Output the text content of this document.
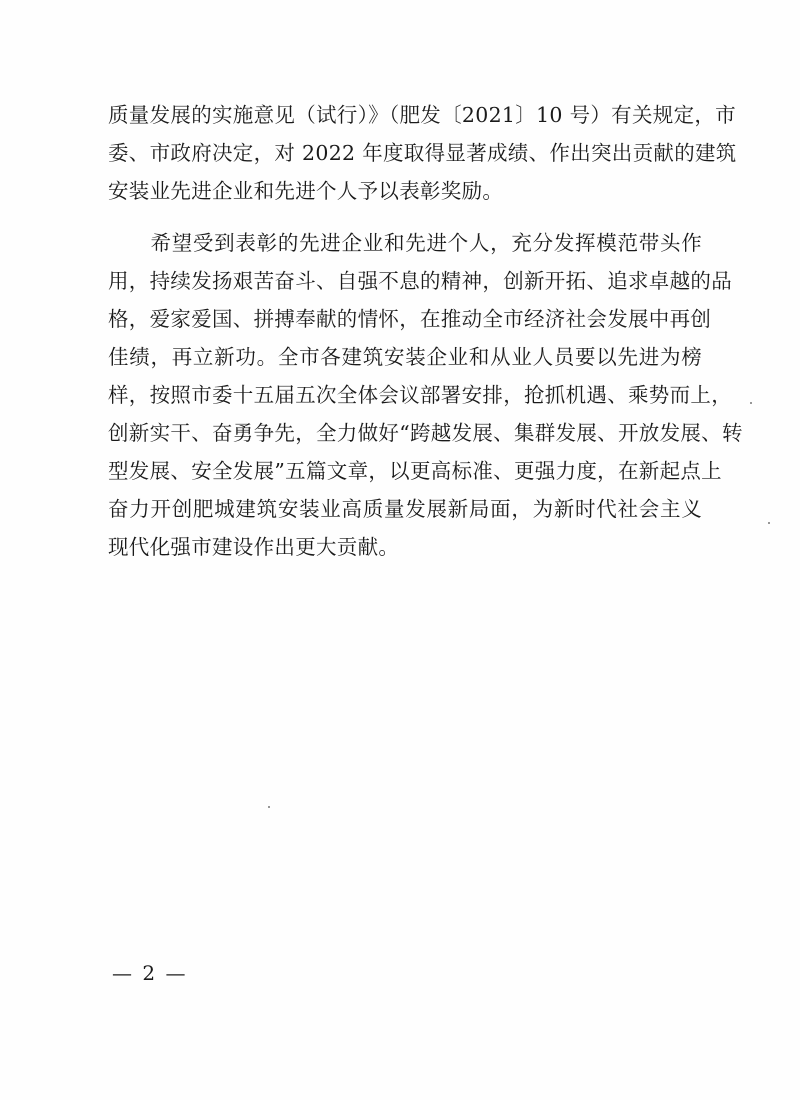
质量发展的实施意见（试行）》（肥发〔2021〕10 号）有关规定，市
委、市政府决定，对 2022 年度取得显著成绩、作出突出贡献的建筑
安装业先进企业和先进个人予以表彰奖励。
　　希望受到表彰的先进企业和先进个人，充分发挥模范带头作
用，持续发扬艰苦奋斗、自强不息的精神，创新开拓、追求卓越的品
格，爱家爱国、拼搏奉献的情怀，在推动全市经济社会发展中再创
佳绩，再立新功。全市各建筑安装企业和从业人员要以先进为榜
样，按照市委十五届五次全体会议部署安排，抢抓机遇、乘势而上，
创新实干、奋勇争先，全力做好“跨越发展、集群发展、开放发展、转
型发展、安全发展”五篇文章，以更高标准、更强力度，在新起点上
奋力开创肥城建筑安装业高质量发展新局面，为新时代社会主义
现代化强市建设作出更大贡献。
— 2 —
